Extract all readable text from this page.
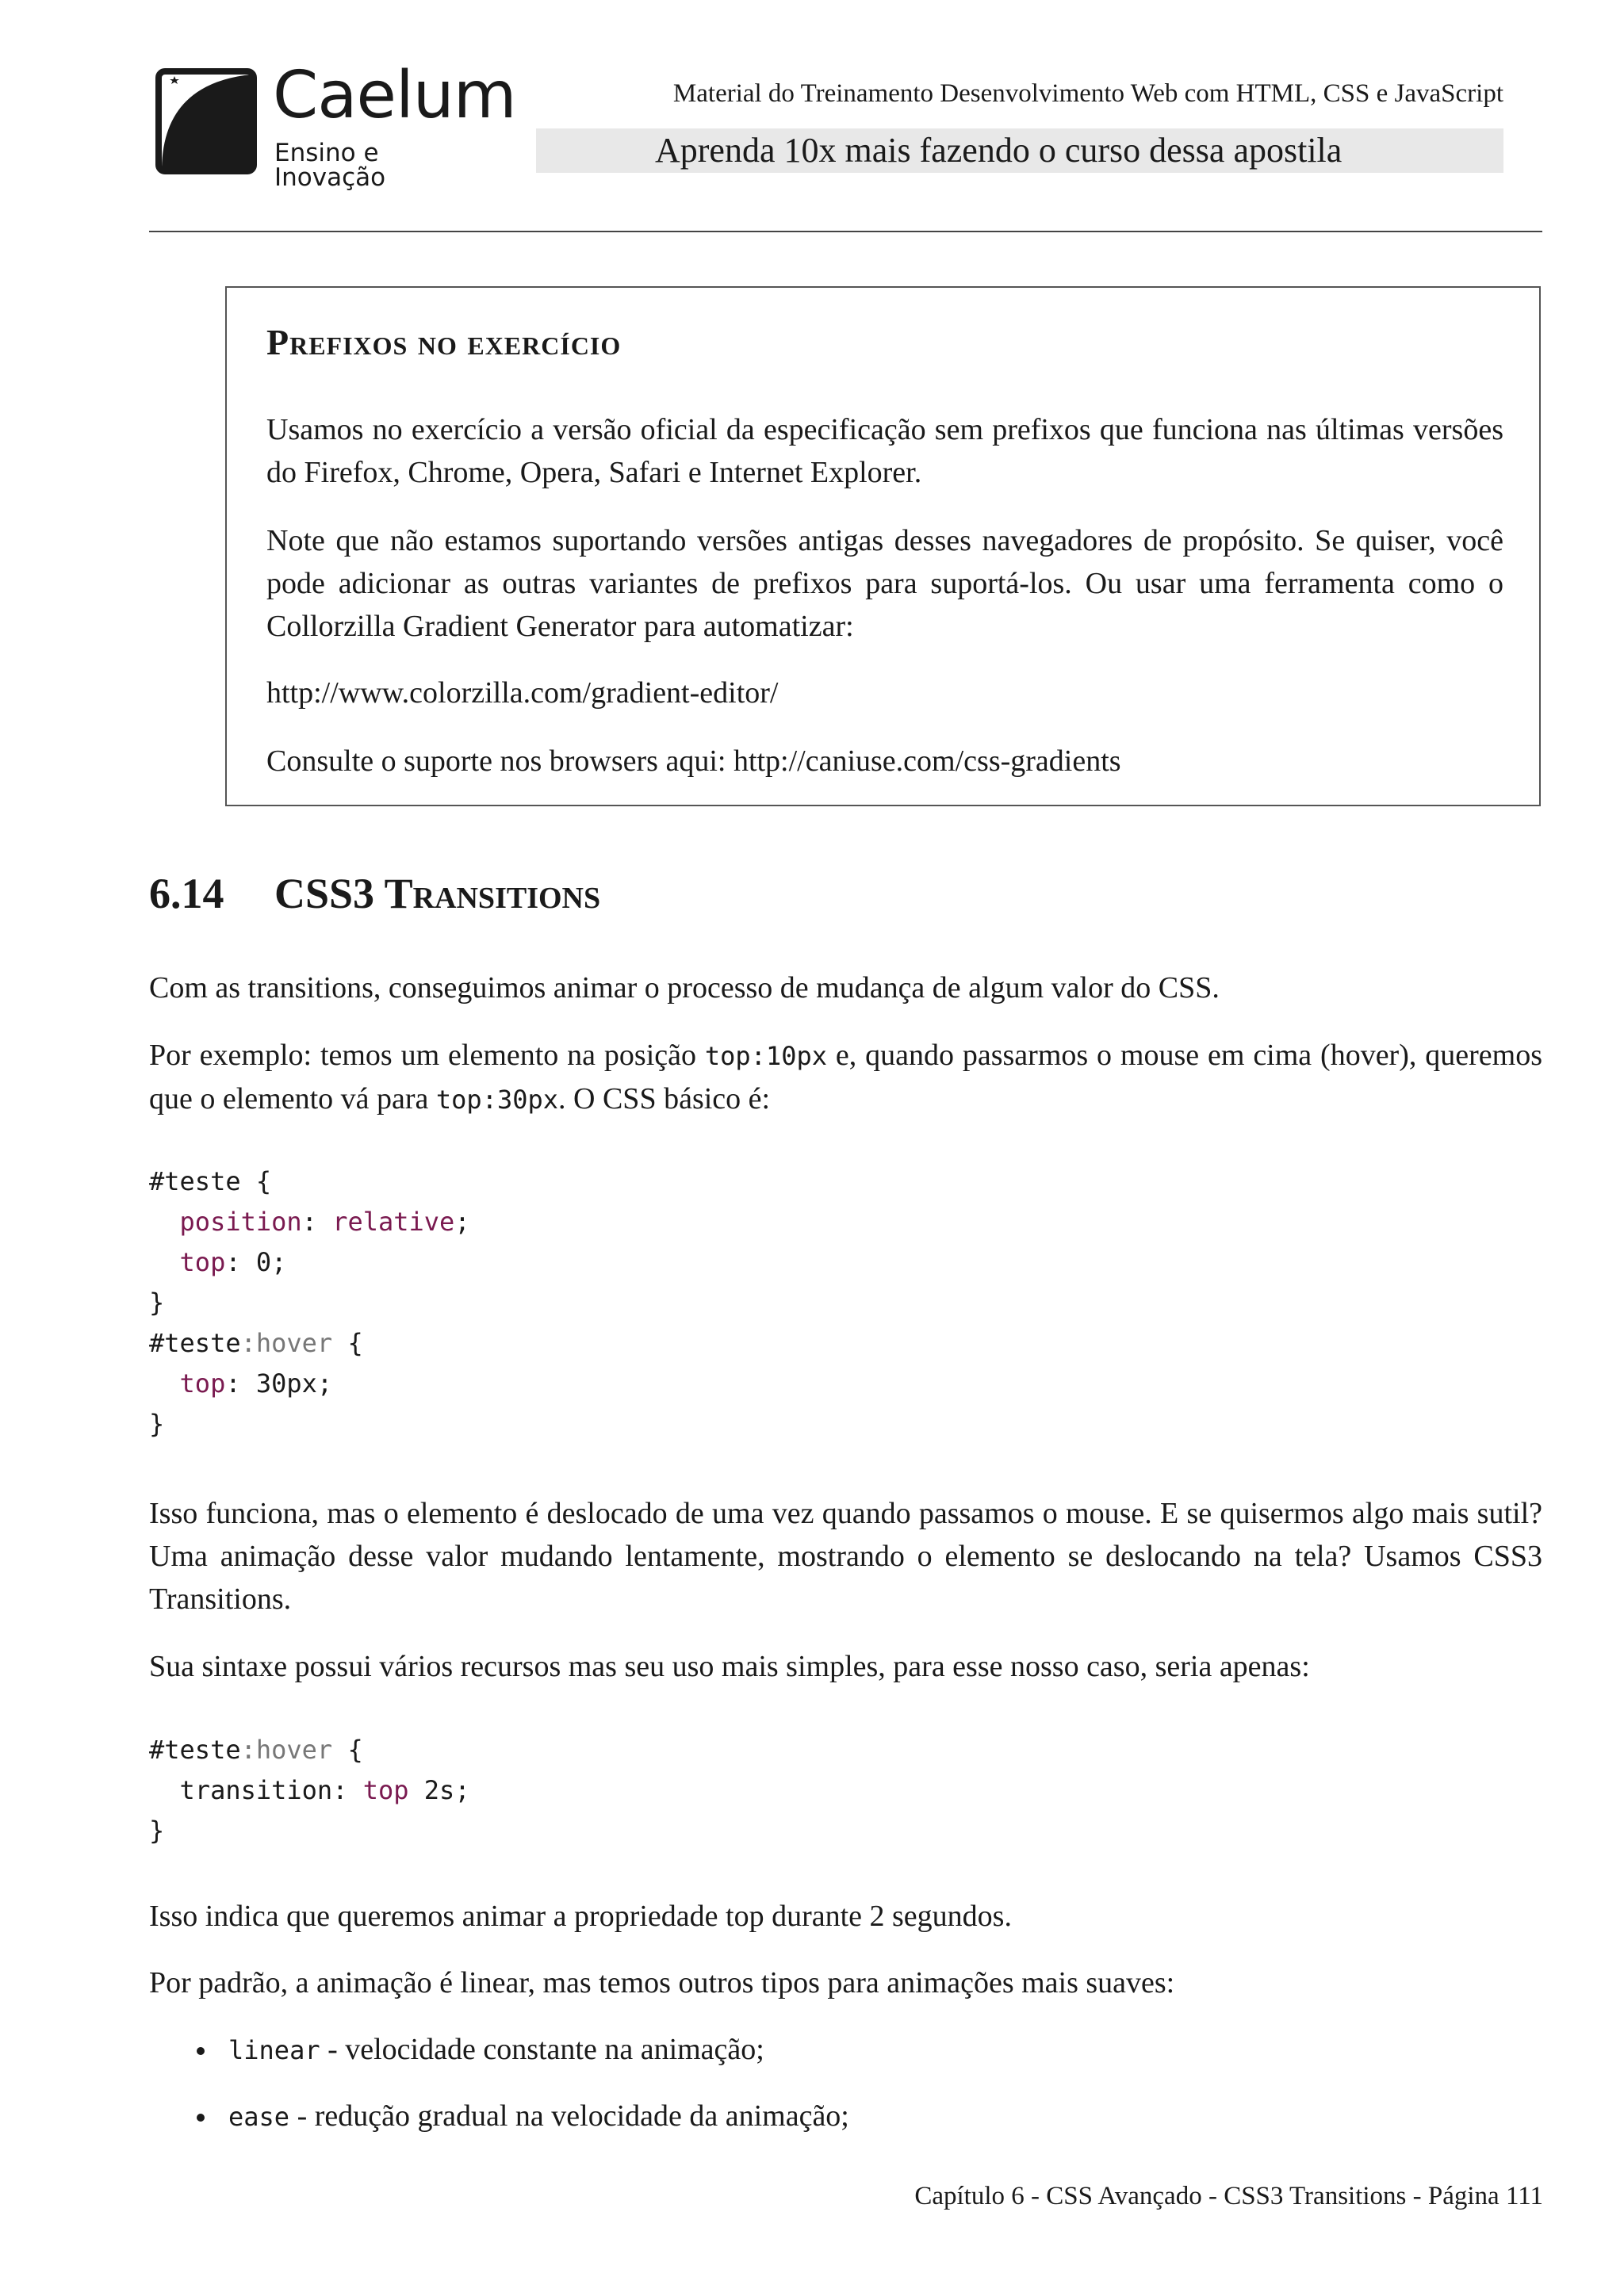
Caelum
Ensino e Inovação
Material do Treinamento Desenvolvimento Web com HTML, CSS e JavaScript
Aprenda 10x mais fazendo o curso dessa apostila
Prefixos no exercício
Usamos no exercício a versão oficial da especificação sem prefixos que funciona nas últimas versões do Firefox, Chrome, Opera, Safari e Internet Explorer.
Note que não estamos suportando versões antigas desses navegadores de propósito. Se quiser, você pode adicionar as outras variantes de prefixos para suportá-los. Ou usar uma ferramenta como o Collorzilla Gradient Generator para automatizar:
http://www.colorzilla.com/gradient-editor/
Consulte o suporte nos browsers aqui: http://caniuse.com/css-gradients
6.14 CSS3 Transitions
Com as transitions, conseguimos animar o processo de mudança de algum valor do CSS.
Por exemplo: temos um elemento na posição top:10px e, quando passarmos o mouse em cima (hover), queremos que o elemento vá para top:30px. O CSS básico é:
#teste {
position: relative;
top: 0;
}
#teste:hover {
top: 30px;
}
Isso funciona, mas o elemento é deslocado de uma vez quando passamos o mouse. E se quisermos algo mais sutil? Uma animação desse valor mudando lentamente, mostrando o elemento se deslocando na tela? Usamos CSS3 Transitions.
Sua sintaxe possui vários recursos mas seu uso mais simples, para esse nosso caso, seria apenas:
#teste:hover {
transition: top 2s;
}
Isso indica que queremos animar a propriedade top durante 2 segundos.
Por padrão, a animação é linear, mas temos outros tipos para animações mais suaves:
linear - velocidade constante na animação;
ease - redução gradual na velocidade da animação;
Capítulo 6 - CSS Avançado - CSS3 Transitions - Página 111
